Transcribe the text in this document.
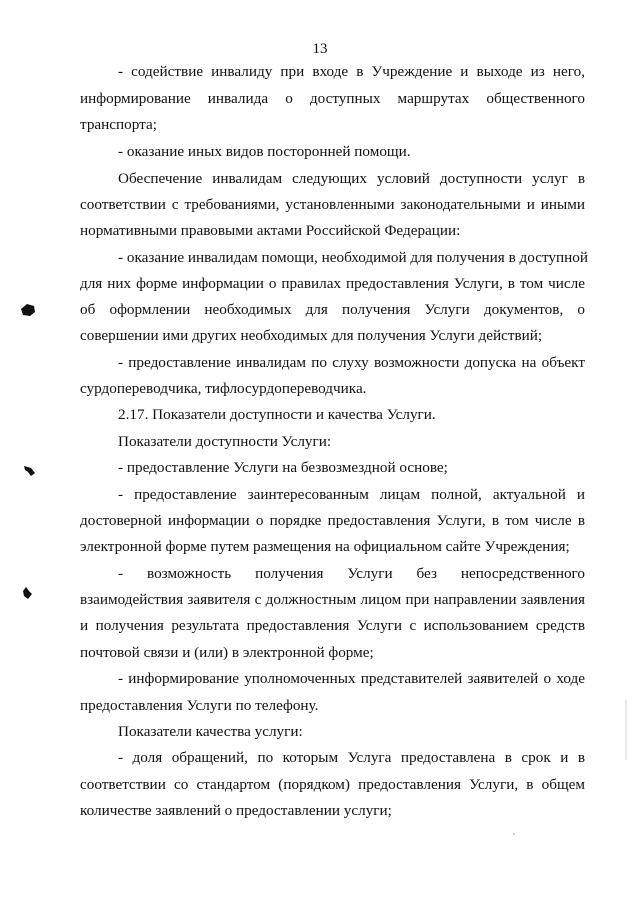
13
- содействие инвалиду при входе в Учреждение и выходе из него,
информирование инвалида о доступных маршрутах общественного
транспорта;
- оказание иных видов посторонней помощи.
Обеспечение инвалидам следующих условий доступности услуг в
соответствии с требованиями, установленными законодательными и иными
нормативными правовыми актами Российской Федерации:
- оказание инвалидам помощи, необходимой для получения в доступной
для них форме информации о правилах предоставления Услуги, в том числе
об оформлении необходимых для получения Услуги документов, о
совершении ими других необходимых для получения Услуги действий;
- предоставление инвалидам по слуху возможности допуска на объект
сурдопереводчика, тифлосурдопереводчика.
2.17. Показатели доступности и качества Услуги.
Показатели доступности Услуги:
- предоставление Услуги на безвозмездной основе;
- предоставление заинтересованным лицам полной, актуальной и
достоверной информации о порядке предоставления Услуги, в том числе в
электронной форме путем размещения на официальном сайте Учреждения;
- возможность получения Услуги без непосредственного
взаимодействия заявителя с должностным лицом при направлении заявления
и получения результата предоставления Услуги с использованием средств
почтовой связи и (или) в электронной форме;
- информирование уполномоченных представителей заявителей о ходе
предоставления Услуги по телефону.
Показатели качества услуги:
- доля обращений, по которым Услуга предоставлена в срок и в
соответствии со стандартом (порядком) предоставления Услуги, в общем
количестве заявлений о предоставлении услуги;
